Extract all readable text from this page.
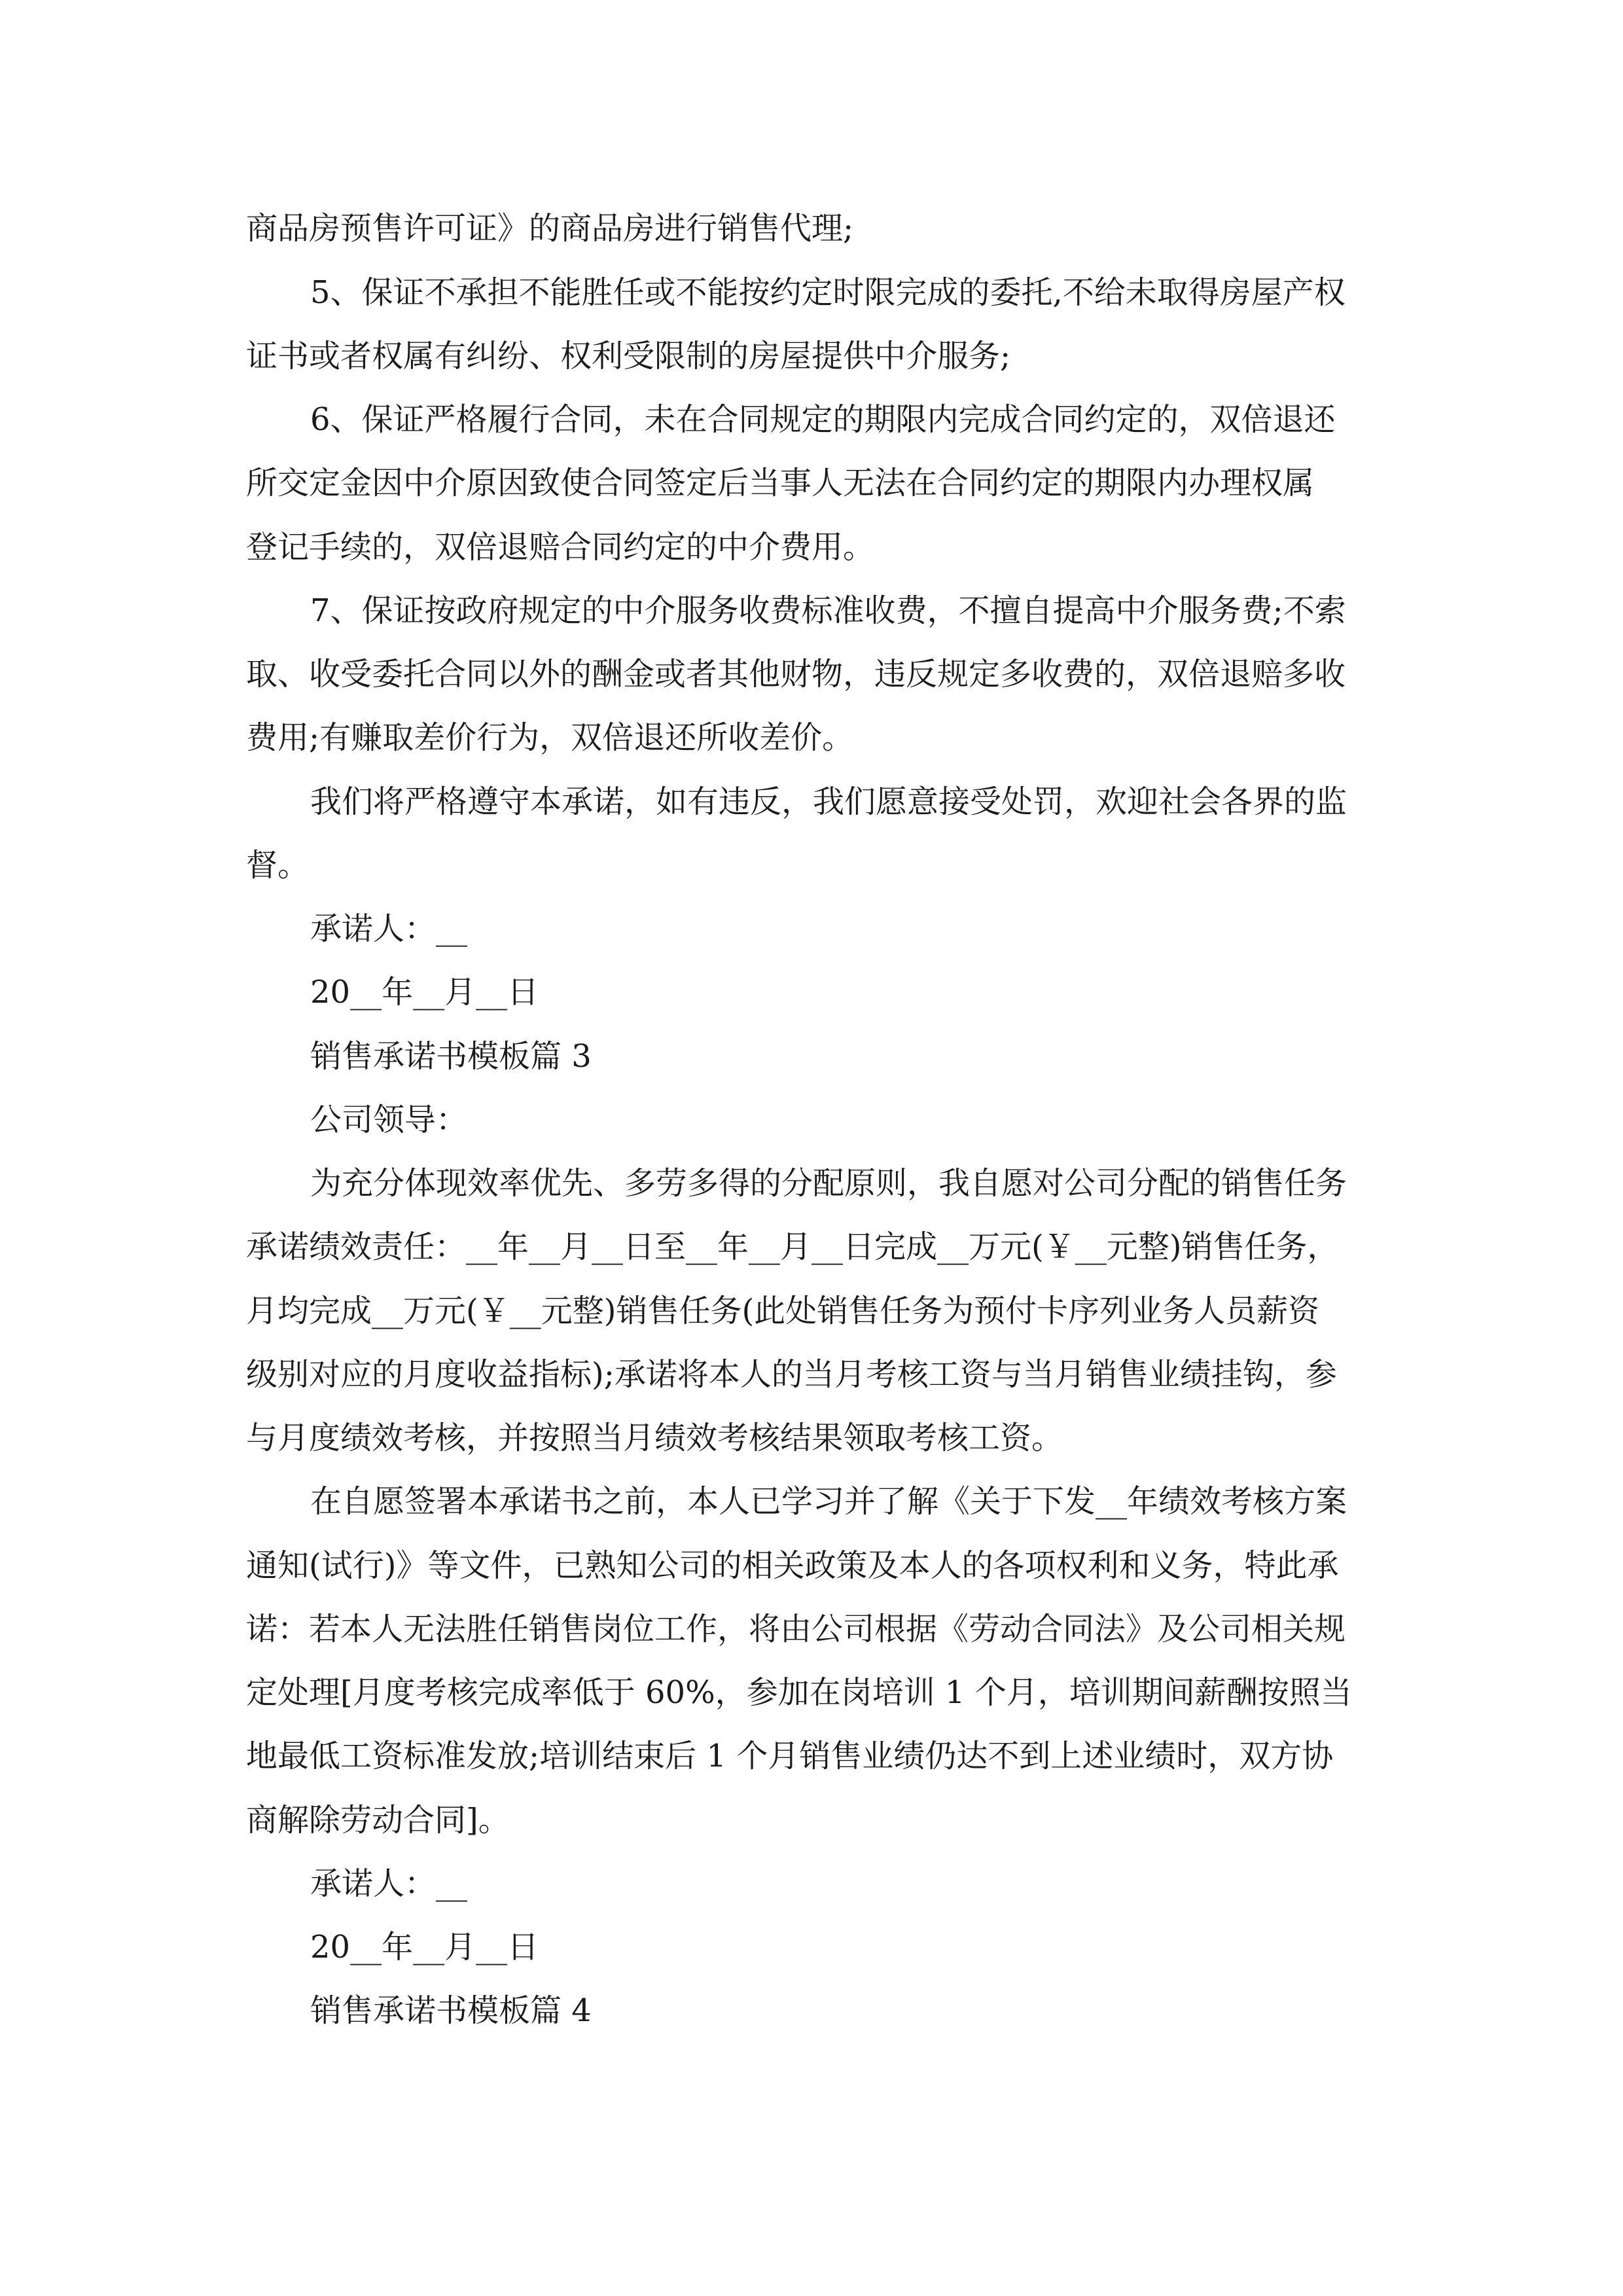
商品房预售许可证》的商品房进行销售代理;
5、保证不承担不能胜任或不能按约定时限完成的委托,不给未取得房屋产权
证书或者权属有纠纷、权利受限制的房屋提供中介服务;
6、保证严格履行合同，未在合同规定的期限内完成合同约定的，双倍退还
所交定金因中介原因致使合同签定后当事人无法在合同约定的期限内办理权属
登记手续的，双倍退赔合同约定的中介费用。
7、保证按政府规定的中介服务收费标准收费，不擅自提高中介服务费;不索
取、收受委托合同以外的酬金或者其他财物，违反规定多收费的，双倍退赔多收
费用;有赚取差价行为，双倍退还所收差价。
我们将严格遵守本承诺，如有违反，我们愿意接受处罚，欢迎社会各界的监
督。
承诺人：__
20__年__月__日
销售承诺书模板篇 3
公司领导：
为充分体现效率优先、多劳多得的分配原则，我自愿对公司分配的销售任务
承诺绩效责任：__年__月__日至__年__月__日完成__万元(￥__元整)销售任务，
月均完成__万元(￥__元整)销售任务(此处销售任务为预付卡序列业务人员薪资
级别对应的月度收益指标);承诺将本人的当月考核工资与当月销售业绩挂钩，参
与月度绩效考核，并按照当月绩效考核结果领取考核工资。
在自愿签署本承诺书之前，本人已学习并了解《关于下发__年绩效考核方案
通知(试行)》等文件，已熟知公司的相关政策及本人的各项权利和义务，特此承
诺：若本人无法胜任销售岗位工作，将由公司根据《劳动合同法》及公司相关规
定处理[月度考核完成率低于 60%，参加在岗培训 1 个月，培训期间薪酬按照当
地最低工资标准发放;培训结束后 1 个月销售业绩仍达不到上述业绩时，双方协
商解除劳动合同]。
承诺人：__
20__年__月__日
销售承诺书模板篇 4
